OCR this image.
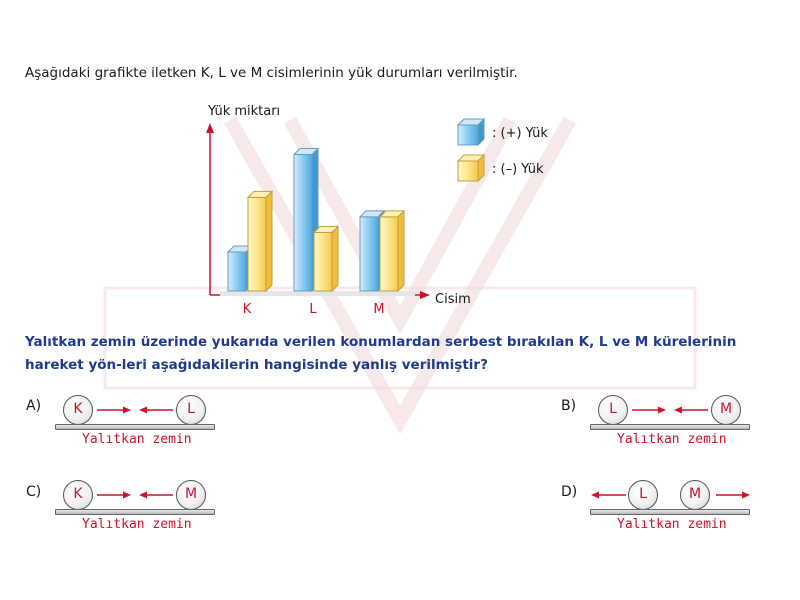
Aşağıdaki grafikte iletken K, L ve M cisimlerinin yük durumları verilmiştir.
K	L	M
Yük miktarı
Cisim
: (+) Yük
: (–) Yük
Yalıtkan zemin üzerinde yukarıda verilen konumlardan serbest bırakılan K, L ve M kürelerinin hareket yön-leri aşağıdakilerin hangisinde yanlış verilmiştir?
A)	K	L
Yalıtkan zemin
B)	L	M
Yalıtkan zemin
C)	K	M
Yalıtkan zemin
D)	L	M
Yalıtkan zemin
